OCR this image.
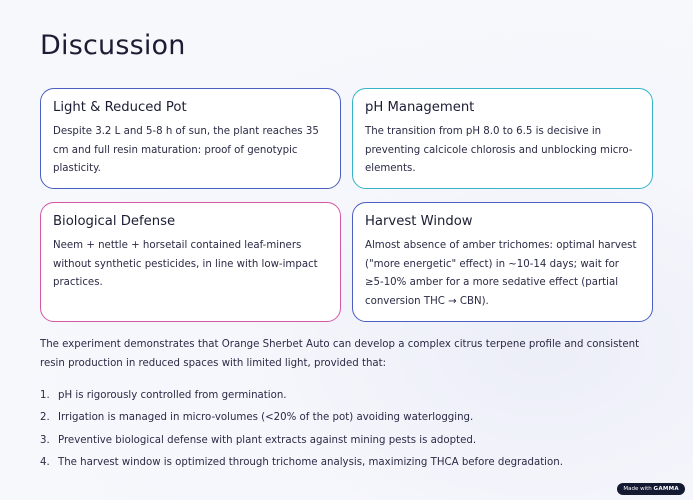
Discussion
Light & Reduced Pot
Despite 3.2 L and 5-8 h of sun, the plant reaches 35 cm and full resin maturation: proof of genotypic plasticity.
pH Management
The transition from pH 8.0 to 6.5 is decisive in preventing calcicole chlorosis and unblocking micro-elements.
Biological Defense
Neem + nettle + horsetail contained leaf-miners without synthetic pesticides, in line with low-impact practices.
Harvest Window
Almost absence of amber trichomes: optimal harvest ("more energetic" effect) in ~10-14 days; wait for ≥5-10% amber for a more sedative effect (partial conversion THC → CBN).

The experiment demonstrates that Orange Sherbet Auto can develop a complex citrus terpene profile and consistent resin production in reduced spaces with limited light, provided that:

1. pH is rigorously controlled from germination.
2. Irrigation is managed in micro-volumes (<20% of the pot) avoiding waterlogging.
3. Preventive biological defense with plant extracts against mining pests is adopted.
4. The harvest window is optimized through trichome analysis, maximizing THCA before degradation.
Made with GAMMA
